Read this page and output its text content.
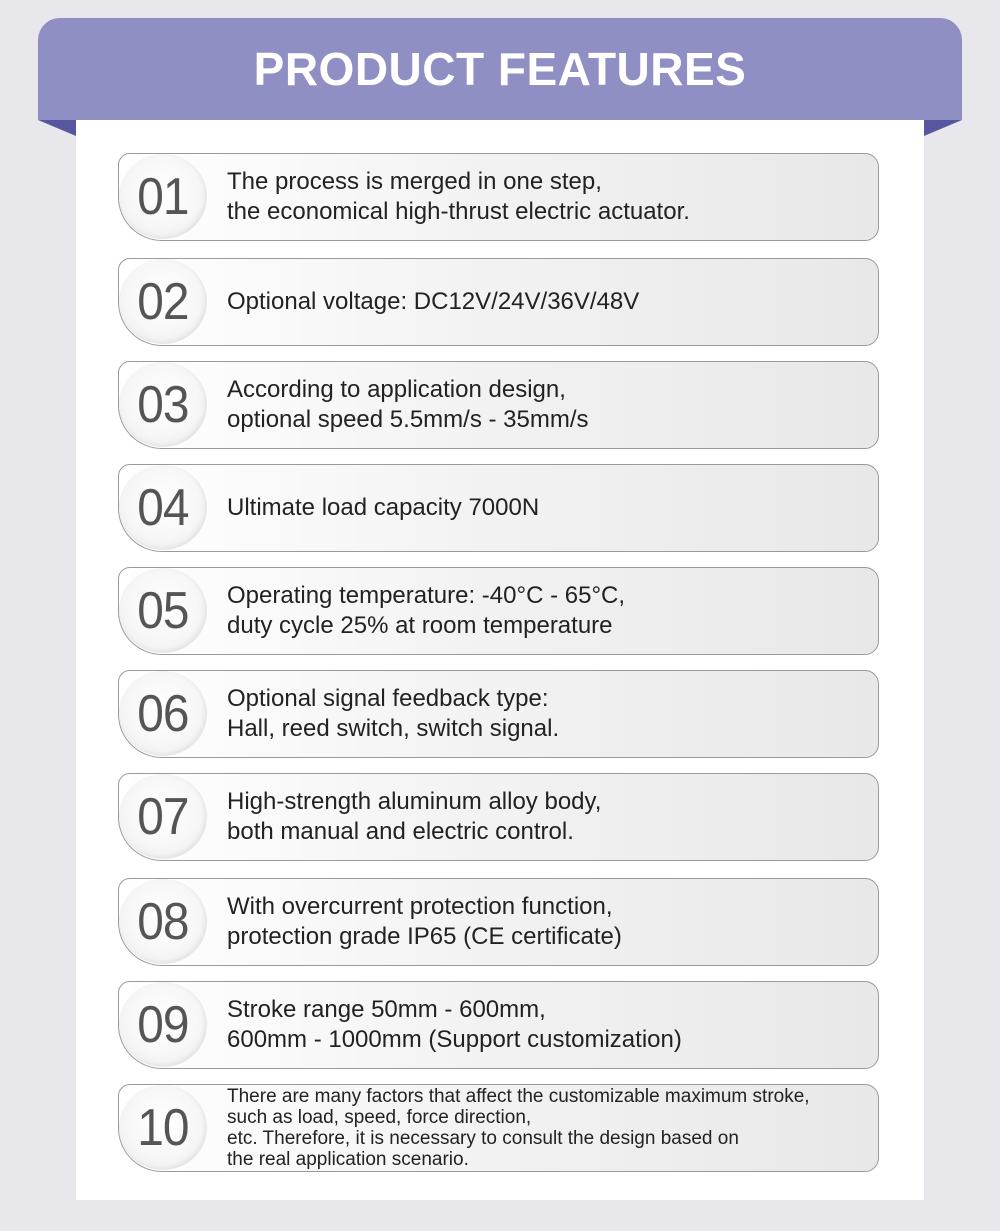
PRODUCT FEATURES
01 The process is merged in one step,
the economical high-thrust electric actuator.
02 Optional voltage: DC12V/24V/36V/48V
03 According to application design,
optional speed 5.5mm/s - 35mm/s
04 Ultimate load capacity 7000N
05 Operating temperature: -40°C - 65°C,
duty cycle 25% at room temperature
06 Optional signal feedback type:
Hall, reed switch, switch signal.
07 High-strength aluminum alloy body,
both manual and electric control.
08 With overcurrent protection function,
protection grade IP65 (CE certificate)
09 Stroke range 50mm - 600mm,
600mm - 1000mm (Support customization)
10
There are many factors that affect the customizable maximum stroke,
such as load, speed, force direction,
etc. Therefore, it is necessary to consult the design based on
the real application scenario.
